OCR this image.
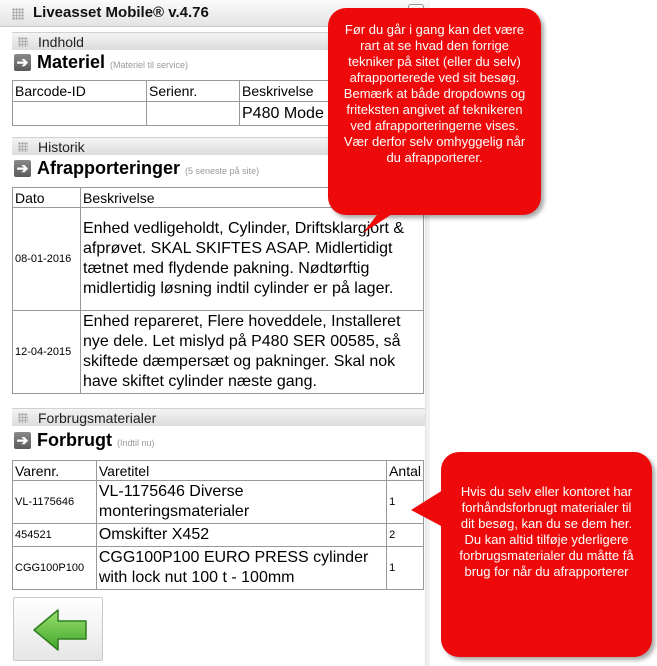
Liveasset Mobile® v.4.76
Indhold
➔ Materiel (Materiel til service)
Barcode-ID	Serienr.	Beskrivelse
		P480 Mode
Historik
➔ Afrapporteringer (5 seneste på site)
Dato	Beskrivelse
08-01-2016	Enhed vedligeholdt, Cylinder, Driftsklargjort & afprøvet. SKAL SKIFTES ASAP. Midlertidigt tætnet med flydende pakning. Nødtørftig midlertidig løsning indtil cylinder er på lager.
12-04-2015	Enhed repareret, Flere hoveddele, Installeret nye dele. Let mislyd på P480 SER 00585, så skiftede dæmpersæt og pakninger. Skal nok have skiftet cylinder næste gang.
Forbrugsmaterialer
➔ Forbrugt (Indtil nu)
Varenr.	Varetitel	Antal
VL-1175646	VL-1175646 Diverse monteringsmaterialer	1
454521	Omskifter X452	2
CGG100P100	CGG100P100 EURO PRESS cylinder with lock nut 100 t - 100mm	1
Før du går i gang kan det være rart at se hvad den forrige tekniker på sitet (eller du selv) afrapporterede ved sit besøg. Bemærk at både dropdowns og friteksten angivet af teknikeren ved afrapporteringerne vises. Vær derfor selv omhyggelig når du afrapporterer.
Hvis du selv eller kontoret har forhåndsforbrugt materialer til dit besøg, kan du se dem her. Du kan altid tilføje yderligere forbrugsmaterialer du måtte få brug for når du afrapporterer
